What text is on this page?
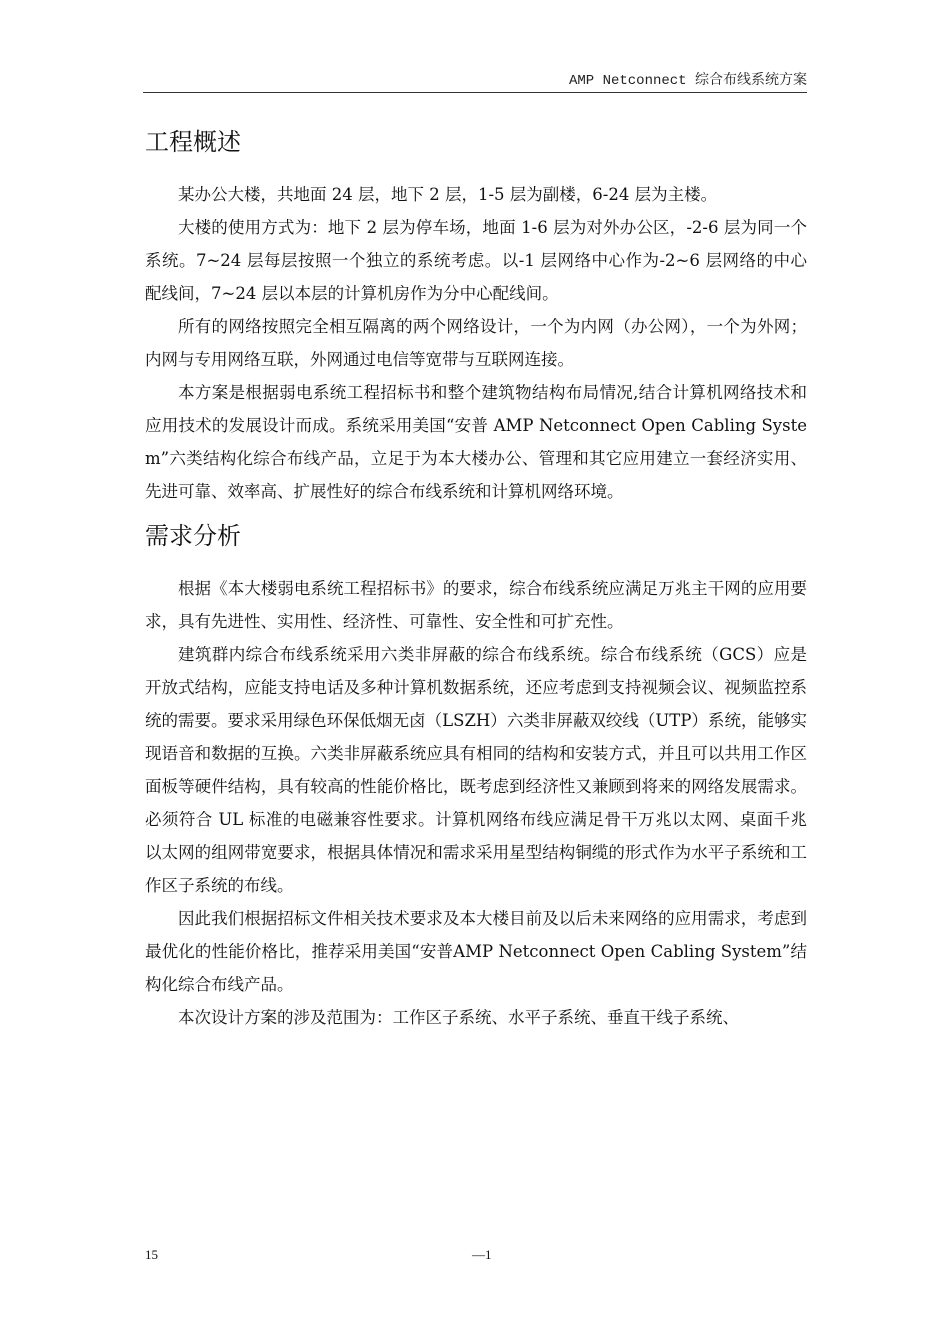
AMP Netconnect 综合布线系统方案
工程概述

某办公大楼，共地面 24 层，地下 2 层，1-5 层为副楼，6-24 层为主楼。

大楼的使用方式为：地下 2 层为停车场，地面 1-6 层为对外办公区，-2-6 层为同一个系统。7~24 层每层按照一个独立的系统考虑。以-1 层网络中心作为-2~6 层网络的中心配线间，7~24 层以本层的计算机房作为分中心配线间。

所有的网络按照完全相互隔离的两个网络设计，一个为内网（办公网），一个为外网；内网与专用网络互联，外网通过电信等宽带与互联网连接。

本方案是根据弱电系统工程招标书和整个建筑物结构布局情况,结合计算机网络技术和应用技术的发展设计而成。系统采用美国“安普 AMP Netconnect Open Cabling System”六类结构化综合布线产品，立足于为本大楼办公、管理和其它应用建立一套经济实用、先进可靠、效率高、扩展性好的综合布线系统和计算机网络环境。

需求分析

根据《本大楼弱电系统工程招标书》的要求，综合布线系统应满足万兆主干网的应用要求，具有先进性、实用性、经济性、可靠性、安全性和可扩充性。

建筑群内综合布线系统采用六类非屏蔽的综合布线系统。综合布线系统（GCS）应是开放式结构，应能支持电话及多种计算机数据系统，还应考虑到支持视频会议、视频监控系统的需要。要求采用绿色环保低烟无卤（LSZH）六类非屏蔽双绞线（UTP）系统，能够实现语音和数据的互换。六类非屏蔽系统应具有相同的结构和安装方式，并且可以共用工作区面板等硬件结构，具有较高的性能价格比，既考虑到经济性又兼顾到将来的网络发展需求。必须符合 UL 标准的电磁兼容性要求。计算机网络布线应满足骨干万兆以太网、桌面千兆以太网的组网带宽要求，根据具体情况和需求采用星型结构铜缆的形式作为水平子系统和工作区子系统的布线。

因此我们根据招标文件相关技术要求及本大楼目前及以后未来网络的应用需求，考虑到最优化的性能价格比，推荐采用美国“安普AMP Netconnect Open Cabling System”结构化综合布线产品。

本次设计方案的涉及范围为：工作区子系统、水平子系统、垂直干线子系统、

15	—1
